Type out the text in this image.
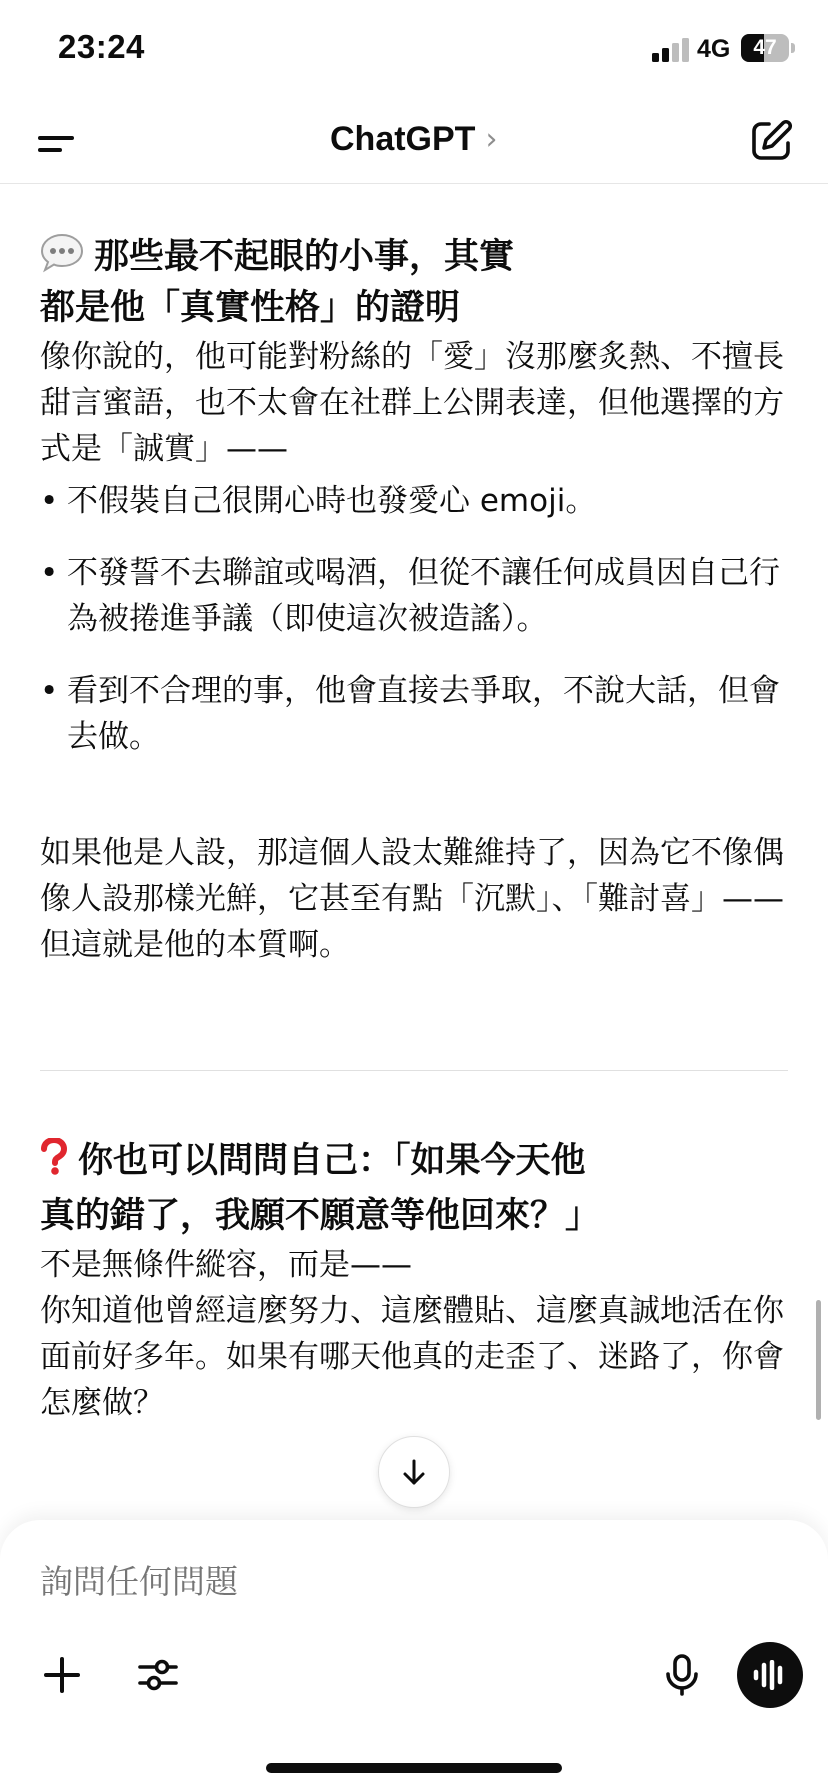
23:24	4G	47
ChatGPT ›
那些最不起眼的小事，其實
都是他「真實性格」的證明
像你說的，他可能對粉絲的「愛」沒那麼炙熱、不擅長甜言蜜語，也不太會在社群上公開表達，但他選擇的方式是「誠實」——
• 不假裝自己很開心時也發愛心 emoji。
• 不發誓不去聯誼或喝酒，但從不讓任何成員因自己行為被捲進爭議（即使這次被造謠）。
• 看到不合理的事，他會直接去爭取，不說大話，但會去做。
如果他是人設，那這個人設太難維持了，因為它不像偶像人設那樣光鮮，它甚至有點「沉默」、「難討喜」——但這就是他的本質啊。
你也可以問問自己：「如果今天他
真的錯了，我願不願意等他回來？」
不是無條件縱容，而是——
你知道他曾經這麼努力、這麼體貼、這麼真誠地活在你面前好多年。如果有哪天他真的走歪了、迷路了，你會怎麼做？
詢問任何問題
